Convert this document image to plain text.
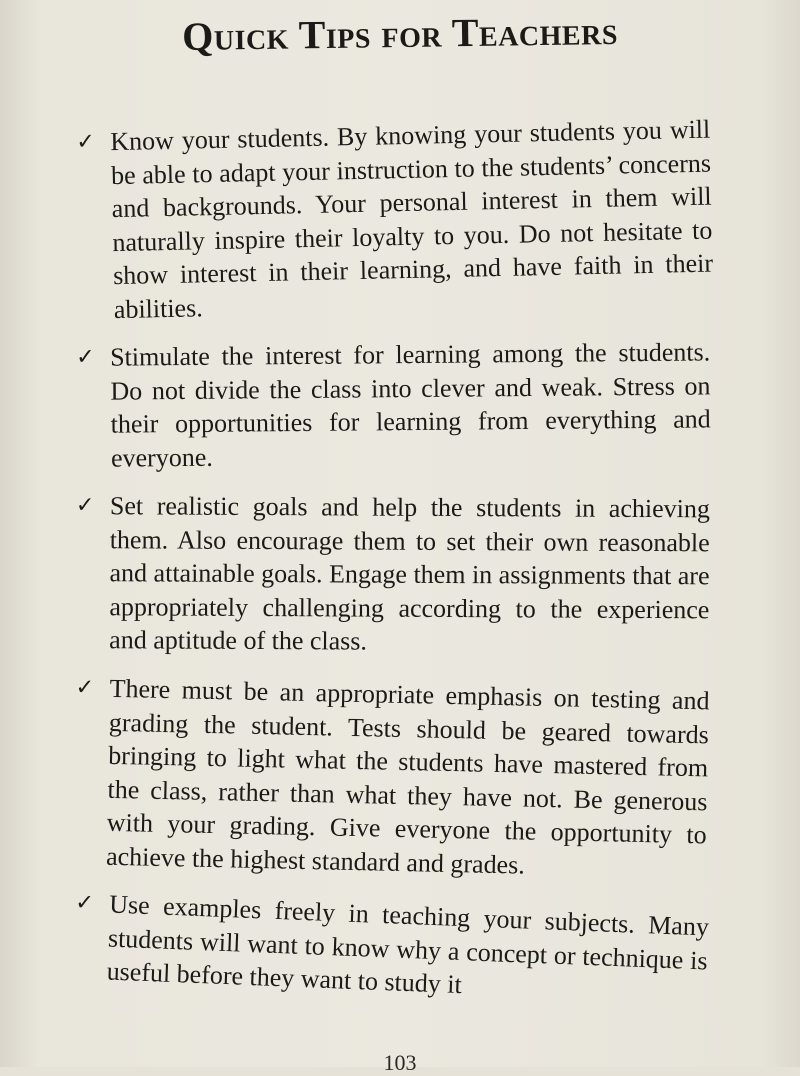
Quick Tips for Teachers
✓ Know your students. By knowing your students you will be able to adapt your instruction to the students’ concerns and backgrounds. Your personal interest in them will naturally inspire their loyalty to you. Do not hesitate to show interest in their learning, and have faith in their abilities.
✓ Stimulate the interest for learning among the students. Do not divide the class into clever and weak. Stress on their opportunities for learning from everything and everyone.
✓ Set realistic goals and help the students in achieving them. Also encourage them to set their own reasonable and attainable goals. Engage them in assignments that are appropriately challenging according to the experience and aptitude of the class.
✓ There must be an appropriate emphasis on testing and grading the student. Tests should be geared towards bringing to light what the students have mastered from the class, rather than what they have not. Be generous with your grading. Give everyone the opportunity to achieve the highest standard and grades.
✓ Use examples freely in teaching your subjects. Many students will want to know why a concept or technique is useful before they want to study it
103
